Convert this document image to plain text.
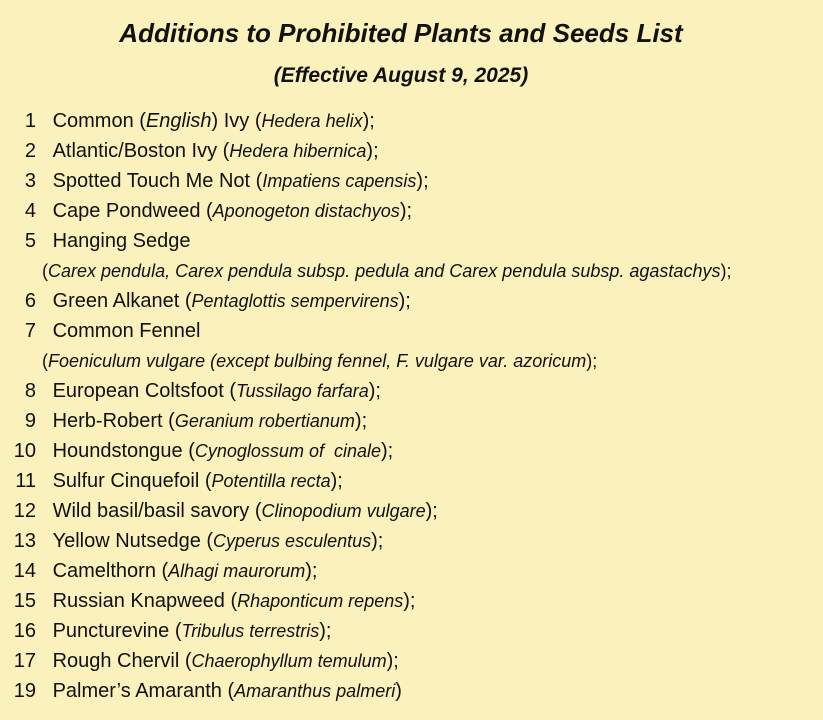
Additions to Prohibited Plants and Seeds List
(Effective August 9, 2025)
1 Common (English) Ivy (Hedera helix);
2 Atlantic/Boston Ivy (Hedera hibernica);
3 Spotted Touch Me Not (Impatiens capensis);
4 Cape Pondweed (Aponogeton distachyos);
5 Hanging Sedge
(Carex pendula, Carex pendula subsp. pedula and Carex pendula subsp. agastachys);
6 Green Alkanet (Pentaglottis sempervirens);
7 Common Fennel
(Foeniculum vulgare (except bulbing fennel, F. vulgare var. azoricum);
8 European Coltsfoot (Tussilago farfara);
9 Herb-Robert (Geranium robertianum);
10 Houndstongue (Cynoglossum of  cinale);
11 Sulfur Cinquefoil (Potentilla recta);
12 Wild basil/basil savory (Clinopodium vulgare);
13 Yellow Nutsedge (Cyperus esculentus);
14 Camelthorn (Alhagi maurorum);
15 Russian Knapweed (Rhaponticum repens);
16 Puncturevine (Tribulus terrestris);
17 Rough Chervil (Chaerophyllum temulum);
19 Palmer’s Amaranth (Amaranthus palmeri)
